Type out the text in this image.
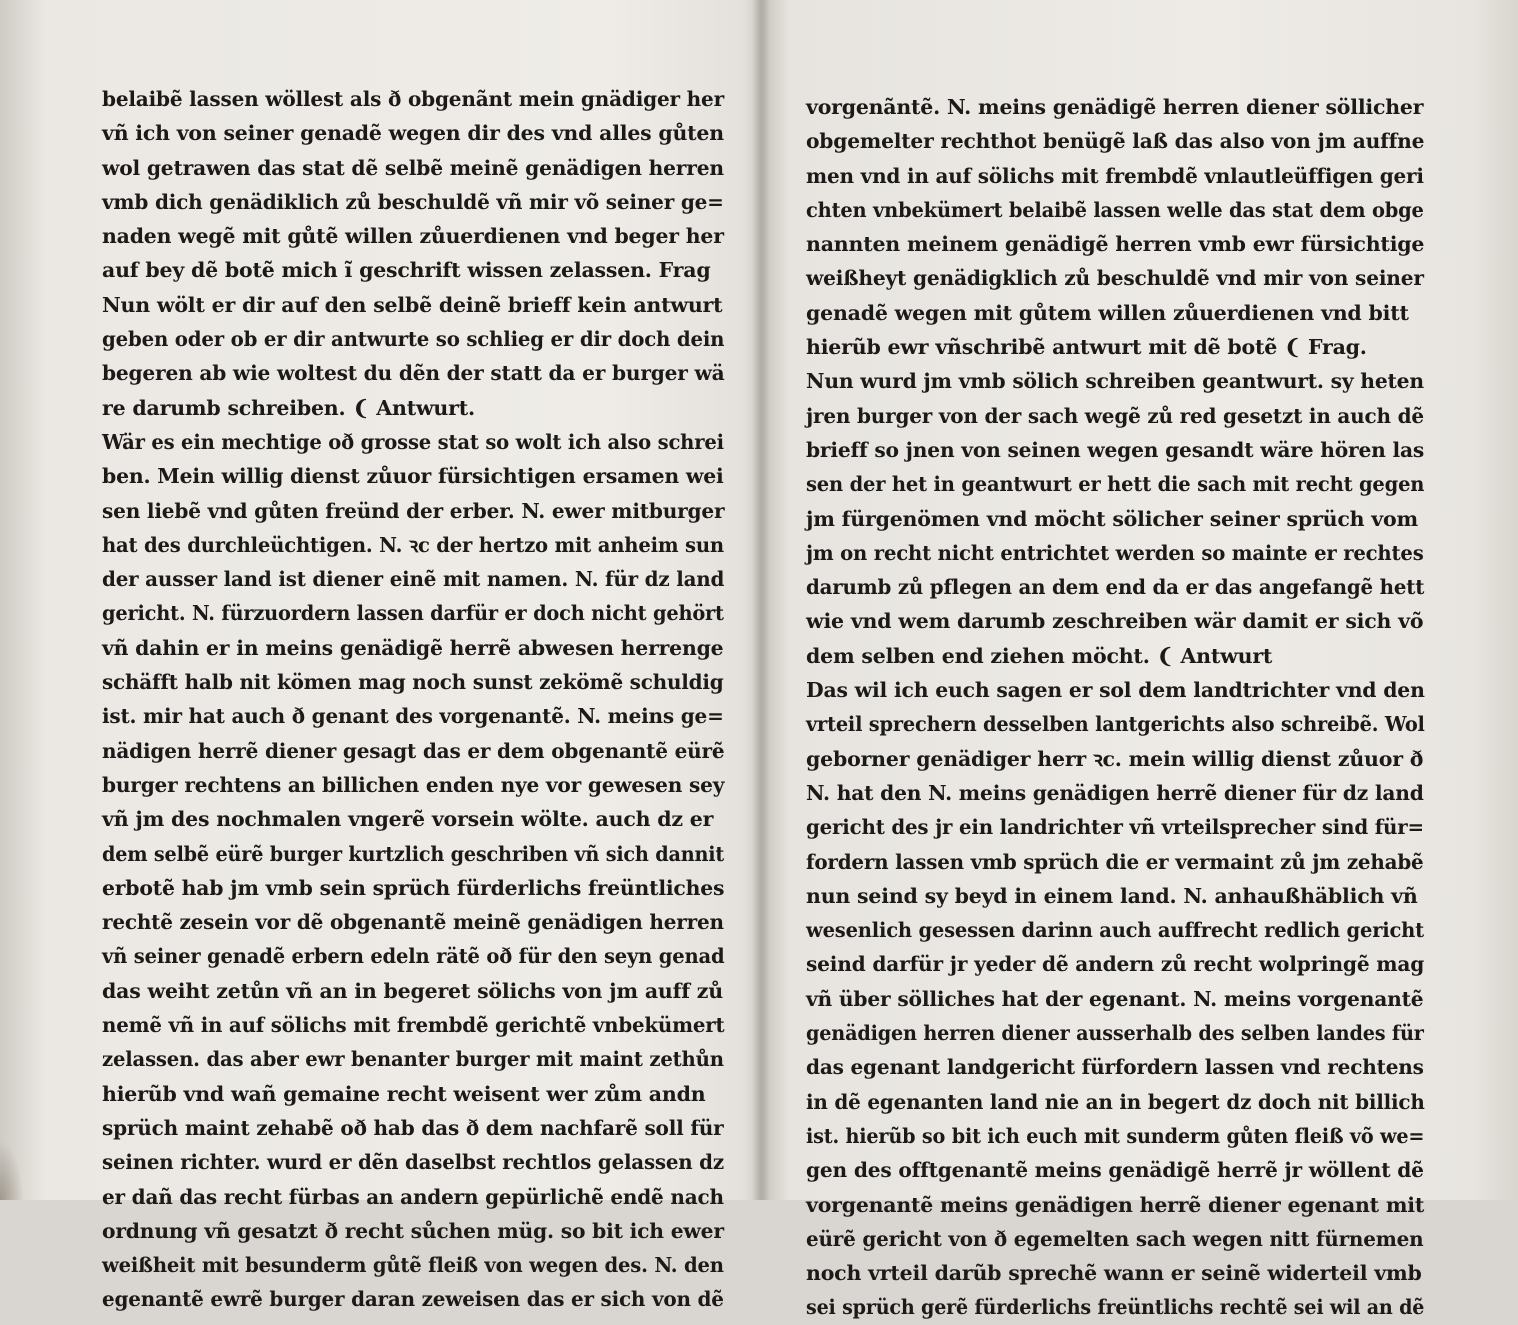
belaibẽ lassen wöllest als ð obgenãnt mein gnädiger her
vñ ich von seiner genadẽ wegen dir des vnd alles gůten
wol getrawen das stat dẽ selbẽ meinẽ genädigen herren
vmb dich genädiklich zů beschuldẽ vñ mir võ seiner ge=
naden wegẽ mit gůtẽ willen zůuerdienen vnd beger her
auf bey dẽ botẽ mich ĩ geschrift wissen zelassen. Frag
Nun wölt er dir auf den selbẽ deinẽ brieff kein antwurt
geben oder ob er dir antwurte so schlieg er dir doch dein
begeren ab wie woltest du dẽn der statt da er burger wä
re darumb schreiben. ❨ Antwurt.
Wär es ein mechtige oð grosse stat so wolt ich also schrei
ben. Mein willig dienst zůuor fürsichtigen ersamen wei
sen liebẽ vnd gůten freünd der erber. N. ewer mitburger
hat des durchleüchtigen. N. ꝛc der hertzo mit anheim sun
der ausser land ist diener einẽ mit namen. N. für dz land
gericht. N. fürzuordern lassen darfür er doch nicht gehört
vñ dahin er in meins genädigẽ herrẽ abwesen herrenge
schäfft halb nit kömen mag noch sunst zekömẽ schuldig
ist. mir hat auch ð genant des vorgenantẽ. N. meins ge=
nädigen herrẽ diener gesagt das er dem obgenantẽ eürẽ
burger rechtens an billichen enden nye vor gewesen sey
vñ jm des nochmalen vngerẽ vorsein wölte. auch dz er
dem selbẽ eürẽ burger kurtzlich geschriben vñ sich dannit
erbotẽ hab jm vmb sein sprüch fürderlichs freüntliches
rechtẽ zesein vor dẽ obgenantẽ meinẽ genädigen herren
vñ seiner genadẽ erbern edeln rätẽ oð für den seyn genad
das weiht zetůn vñ an in begeret sölichs von jm auff zů
nemẽ vñ in auf sölichs mit frembdẽ gerichtẽ vnbekümert
zelassen. das aber ewr benanter burger mit maint zethůn
hierũb vnd wañ gemaine recht weisent wer zům andn
sprüch maint zehabẽ oð hab das ð dem nachfarẽ soll für
seinen richter. wurd er dẽn daselbst rechtlos gelassen dz
er dañ das recht fürbas an andern gepürlichẽ endẽ nach
ordnung vñ gesatzt ð recht sůchen müg. so bit ich ewer
weißheit mit besunderm gůtẽ fleiß von wegen des. N. den
egenantẽ ewrẽ burger daran zeweisen das er sich von dẽ
vorgenãntẽ. N. meins genädigẽ herren diener söllicher
obgemelter rechthot benügẽ laß das also von jm auffne
men vnd in auf sölichs mit frembdẽ vnlautleüffigen geri
chten vnbekümert belaibẽ lassen welle das stat dem obge
nannten meinem genädigẽ herren vmb ewr fürsichtige
weißheyt genädigklich zů beschuldẽ vnd mir von seiner
genadẽ wegen mit gůtem willen zůuerdienen vnd bitt
hierũb ewr vñschribẽ antwurt mit dẽ botẽ ❨ Frag.
Nun wurd jm vmb sölich schreiben geantwurt. sy heten
jren burger von der sach wegẽ zů red gesetzt in auch dẽ
brieff so jnen von seinen wegen gesandt wäre hören las
sen der het in geantwurt er hett die sach mit recht gegen
jm fürgenömen vnd möcht sölicher seiner sprüch vom
jm on recht nicht entrichtet werden so mainte er rechtes
darumb zů pflegen an dem end da er das angefangẽ hett
wie vnd wem darumb zeschreiben wär damit er sich võ
dem selben end ziehen möcht. ❨ Antwurt
Das wil ich euch sagen er sol dem landtrichter vnd den
vrteil sprechern desselben lantgerichts also schreibẽ. Wol
geborner genädiger herr ꝛc. mein willig dienst zůuor ð
N. hat den N. meins genädigen herrẽ diener für dz land
gericht des jr ein landrichter vñ vrteilsprecher sind für=
fordern lassen vmb sprüch die er vermaint zů jm zehabẽ
nun seind sy beyd in einem land. N. anhaußhäblich vñ
wesenlich gesessen darinn auch auffrecht redlich gericht
seind darfür jr yeder dẽ andern zů recht wolpringẽ mag
vñ über sölliches hat der egenant. N. meins vorgenantẽ
genädigen herren diener ausserhalb des selben landes für
das egenant landgericht fürfordern lassen vnd rechtens
in dẽ egenanten land nie an in begert dz doch nit billich
ist. hierũb so bit ich euch mit sunderm gůten fleiß võ we=
gen des offtgenantẽ meins genädigẽ herrẽ jr wöllent dẽ
vorgenantẽ meins genädigen herrẽ diener egenant mit
eürẽ gericht von ð egemelten sach wegen nitt fürnemen
noch vrteil darũb sprechẽ wann er seinẽ widerteil vmb
sei sprüch gerẽ fürderlichs freüntlichs rechtẽ sei wil an dẽ
